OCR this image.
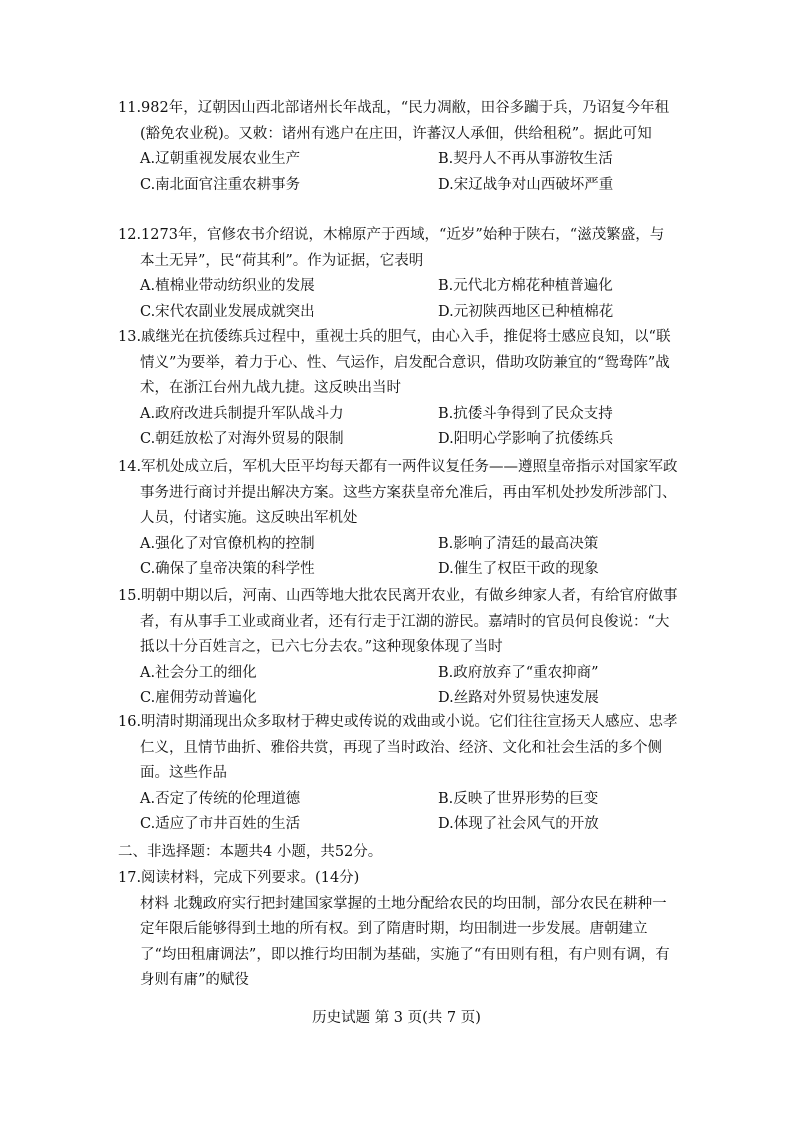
11.982年，辽朝因山西北部诸州长年战乱，“民力凋敝，田谷多躏于兵，乃诏复今年租(豁免农业税)。又敕：诸州有逃户在庄田，许蕃汉人承佃，供给租税”。据此可知

A.辽朝重视发展农业生产	B.契丹人不再从事游牧生活
C.南北面官注重农耕事务	D.宋辽战争对山西破坏严重

12.1273年，官修农书介绍说，木棉原产于西域，“近岁”始种于陕右，“滋茂繁盛，与本土无异”，民“荷其利”。作为证据，它表明

A.植棉业带动纺织业的发展	B.元代北方棉花种植普遍化
C.宋代农副业发展成就突出	D.元初陕西地区已种植棉花

13.戚继光在抗倭练兵过程中，重视士兵的胆气，由心入手，推促将士感应良知，以“联情义”为要举，着力于心、性、气运作，启发配合意识，借助攻防兼宜的“鸳鸯阵”战术，在浙江台州九战九捷。这反映出当时

A.政府改进兵制提升军队战斗力	B.抗倭斗争得到了民众支持
C.朝廷放松了对海外贸易的限制	D.阳明心学影响了抗倭练兵

14.军机处成立后，军机大臣平均每天都有一两件议复任务——遵照皇帝指示对国家军政事务进行商讨并提出解决方案。这些方案获皇帝允准后，再由军机处抄发所涉部门、人员，付诸实施。这反映出军机处

A.强化了对官僚机构的控制	B.影响了清廷的最高决策
C.确保了皇帝决策的科学性	D.催生了权臣干政的现象

15.明朝中期以后，河南、山西等地大批农民离开农业，有做乡绅家人者，有给官府做事者，有从事手工业或商业者，还有行走于江湖的游民。嘉靖时的官员何良俊说：“大抵以十分百姓言之，已六七分去农。”这种现象体现了当时

A.社会分工的细化	B.政府放弃了“重农抑商”
C.雇佣劳动普遍化	D.丝路对外贸易快速发展

16.明清时期涌现出众多取材于稗史或传说的戏曲或小说。它们往往宣扬天人感应、忠孝仁义，且情节曲折、雅俗共赏，再现了当时政治、经济、文化和社会生活的多个侧面。这些作品

A.否定了传统的伦理道德	B.反映了世界形势的巨变
C.适应了市井百姓的生活	D.体现了社会风气的开放
二、非选择题：本题共4 小题，共52分。

17.阅读材料，完成下列要求。(14分)

材料 北魏政府实行把封建国家掌握的土地分配给农民的均田制，部分农民在耕种一定年限后能够得到土地的所有权。到了隋唐时期，均田制进一步发展。唐朝建立了“均田租庸调法”，即以推行均田制为基础，实施了“有田则有租，有户则有调，有身则有庸”的赋役

历史试题 第 3 页(共 7 页)
